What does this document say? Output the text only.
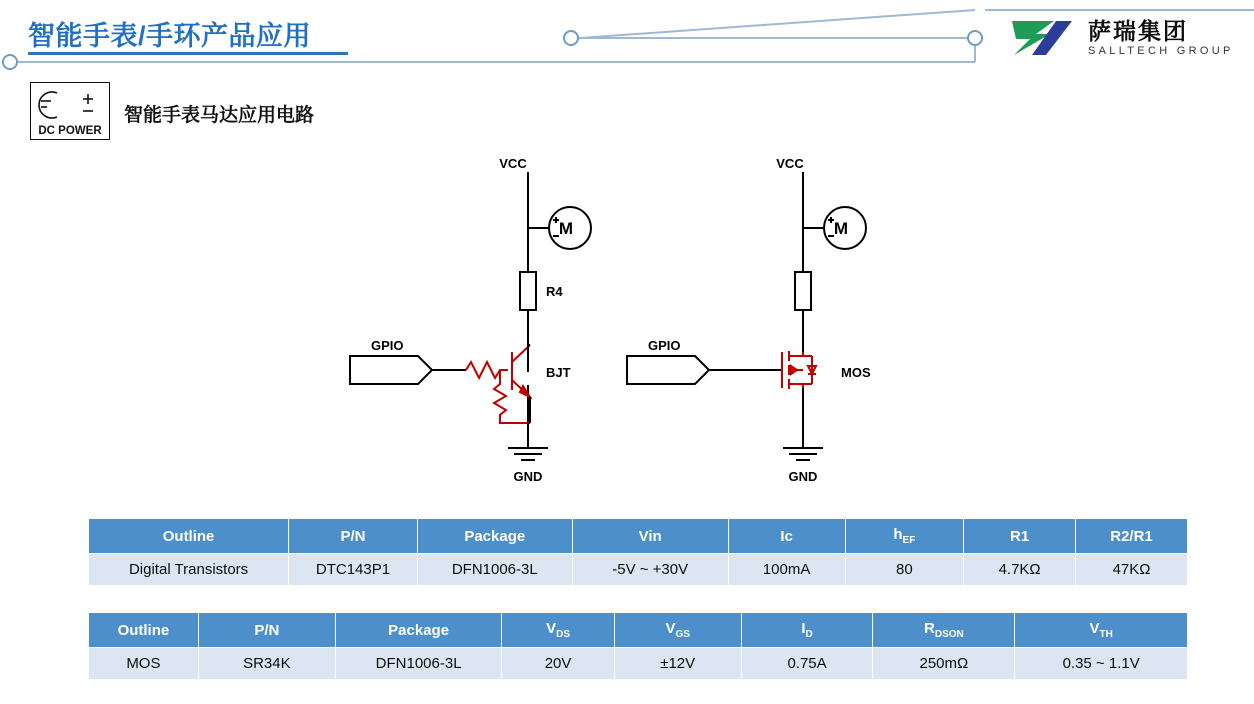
智能手表/手环产品应用	萨瑞集团
SALLTECH GROUP
DC POWER
智能手表马达应用电路
VCC
M
R4
GPIO
BJT
GND
VCC
M
GPIO
MOS
GND
Outline	P/N	Package	Vin	Ic	$h_{EF}$	R1	R2/R1
Digital Transistors	DTC143P1	DFN1006-3L	-5V ~ +30V	100mA	80	4.7KΩ	47KΩ
Outline	P/N	Package	$V_{DS}$	$V_{GS}$	$I_D$	$R_{DSON}$	$V_{TH}$
MOS	SR34K	DFN1006-3L	20V	±12V	0.75A	250mΩ	0.35 ~ 1.1V
